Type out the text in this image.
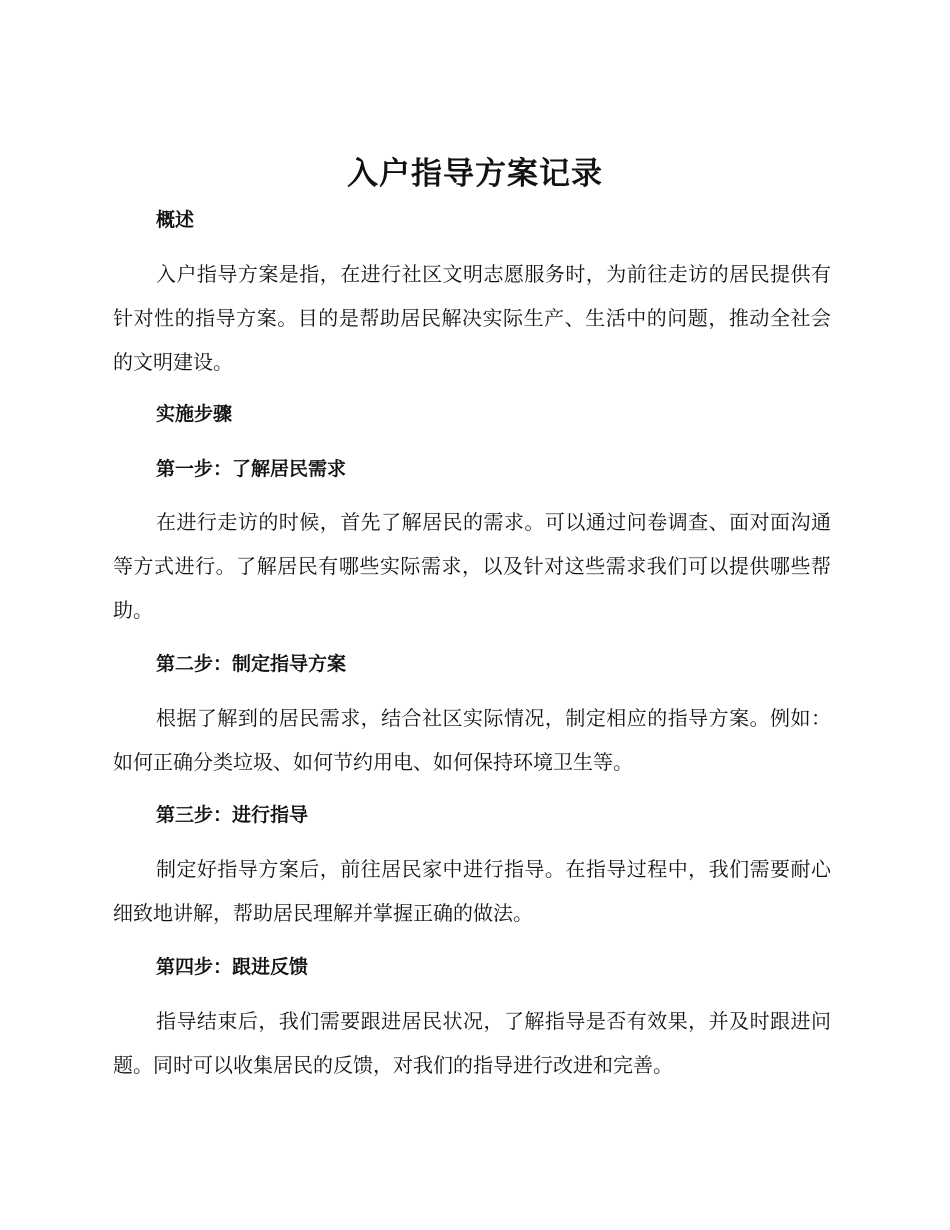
入户指导方案记录
概述

入户指导方案是指，在进行社区文明志愿服务时，为前往走访的居民提供有针对性的指导方案。目的是帮助居民解决实际生产、生活中的问题，推动全社会的文明建设。

实施步骤
第一步：了解居民需求

在进行走访的时候，首先了解居民的需求。可以通过问卷调查、面对面沟通等方式进行。了解居民有哪些实际需求，以及针对这些需求我们可以提供哪些帮助。

第二步：制定指导方案

根据了解到的居民需求，结合社区实际情况，制定相应的指导方案。例如：如何正确分类垃圾、如何节约用电、如何保持环境卫生等。

第三步：进行指导

制定好指导方案后，前往居民家中进行指导。在指导过程中，我们需要耐心细致地讲解，帮助居民理解并掌握正确的做法。

第四步：跟进反馈

指导结束后，我们需要跟进居民状况，了解指导是否有效果，并及时跟进问题。同时可以收集居民的反馈，对我们的指导进行改进和完善。
